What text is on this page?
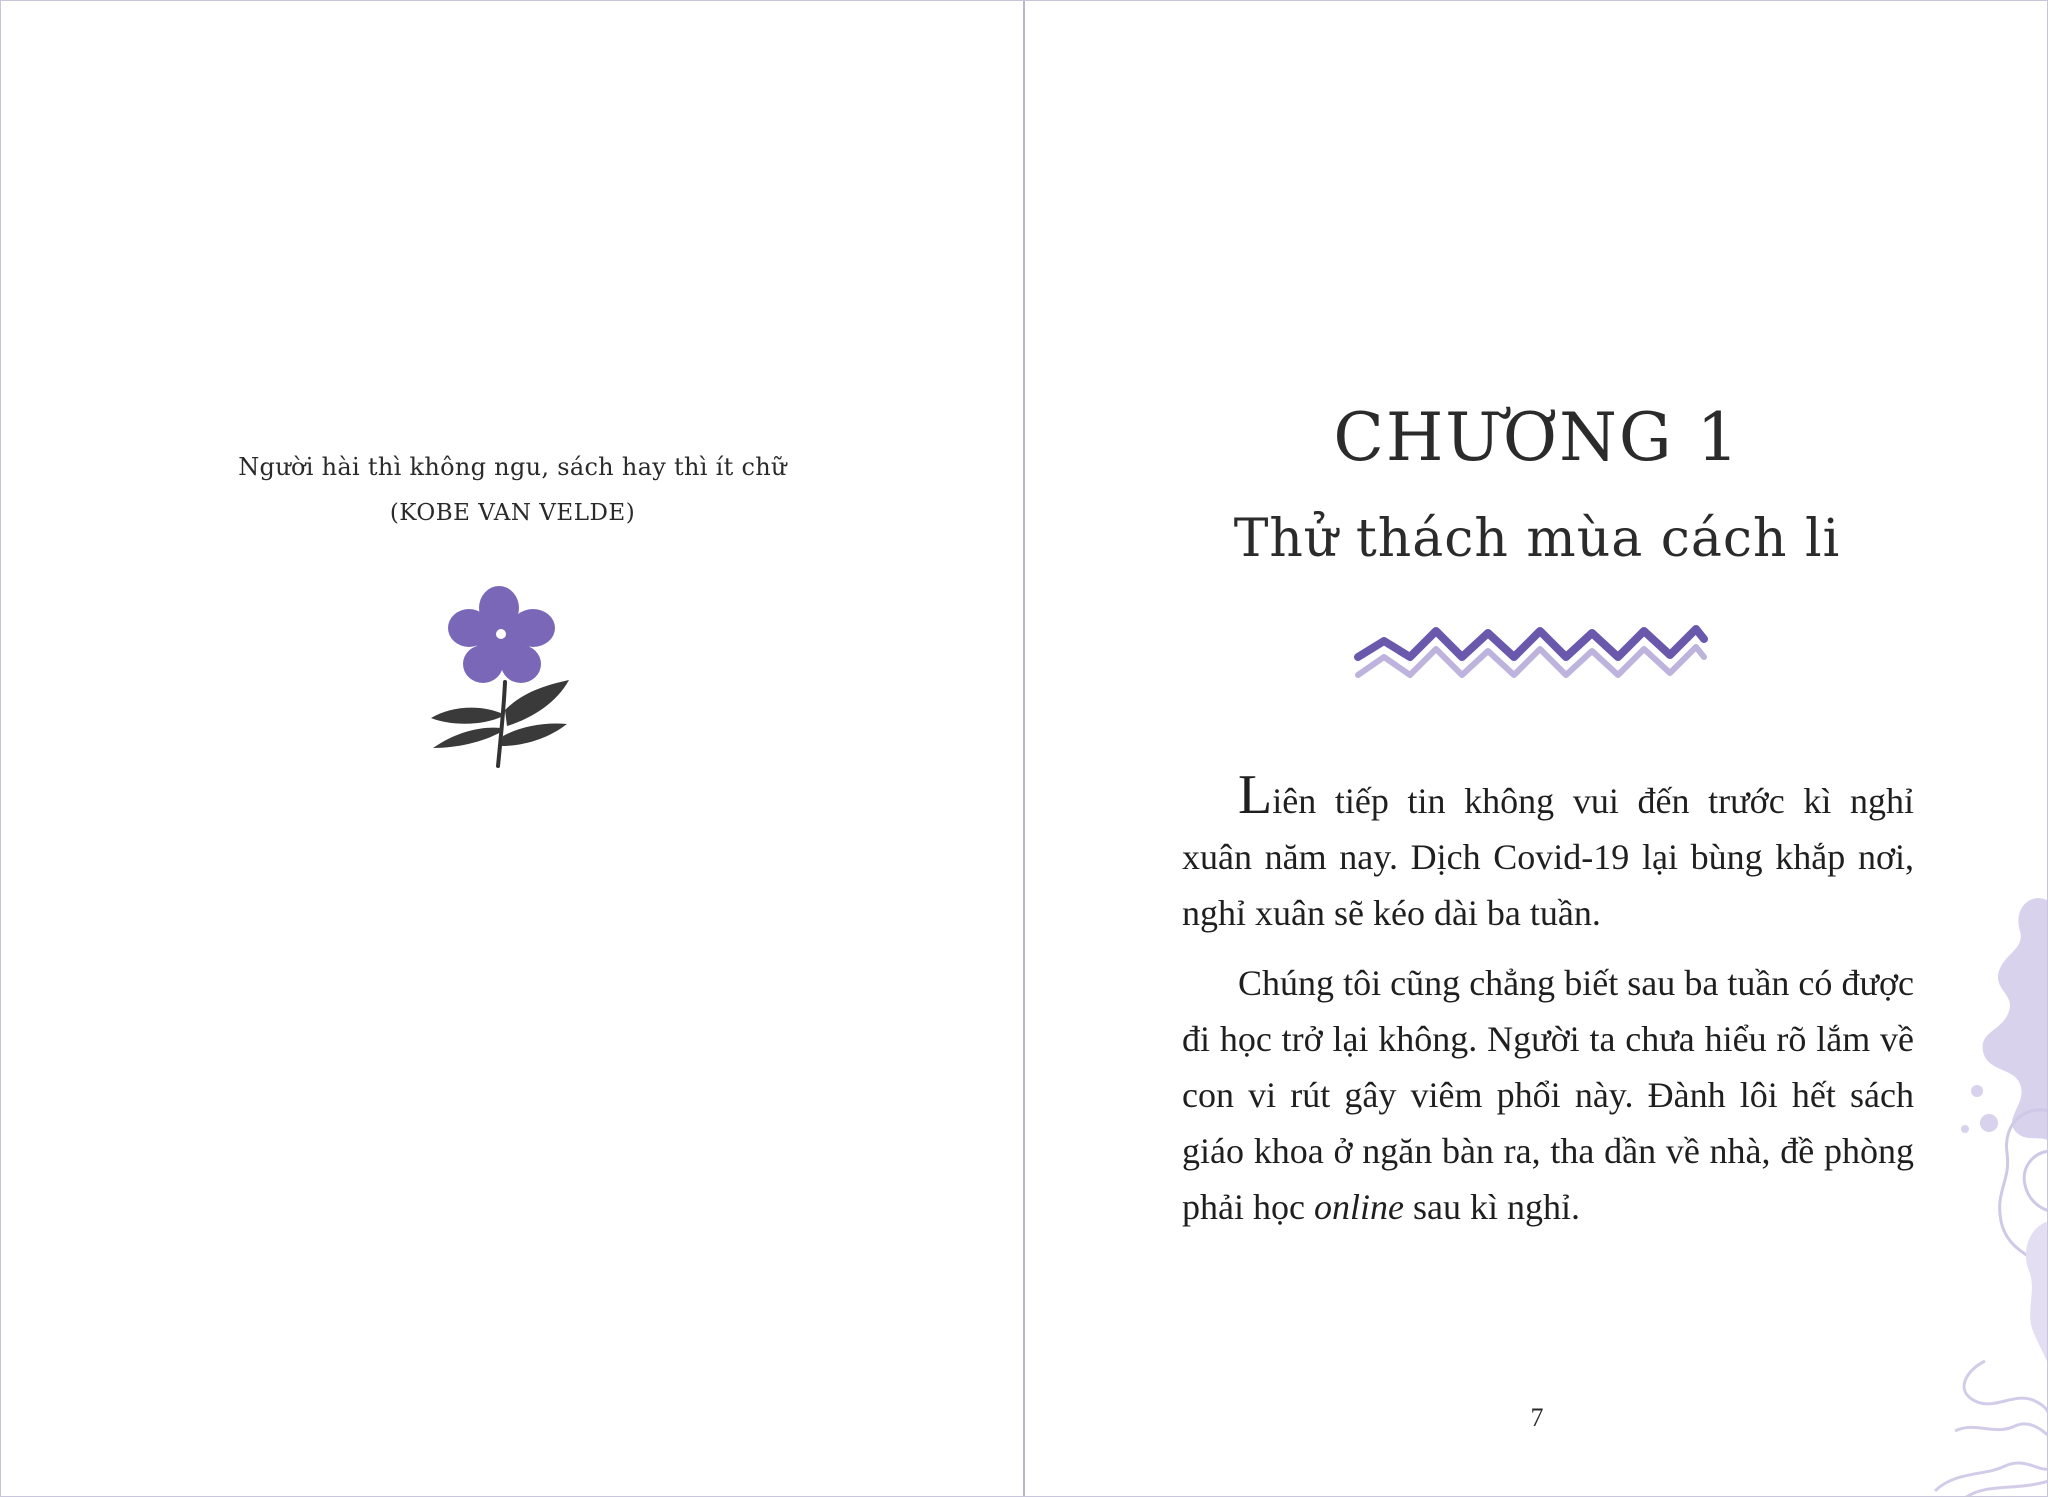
Người hài thì không ngu, sách hay thì ít chữ
(KOBE VAN VELDE)
CHƯƠNG 1
Thử thách mùa cách li

Liên tiếp tin không vui đến trước kì nghỉ xuân năm nay. Dịch Covid-19 lại bùng khắp nơi, nghỉ xuân sẽ kéo dài ba tuần.

Chúng tôi cũng chẳng biết sau ba tuần có được đi học trở lại không. Người ta chưa hiểu rõ lắm về con vi rút gây viêm phổi này. Đành lôi hết sách giáo khoa ở ngăn bàn ra, tha dần về nhà, đề phòng phải học online sau kì nghỉ.

7
